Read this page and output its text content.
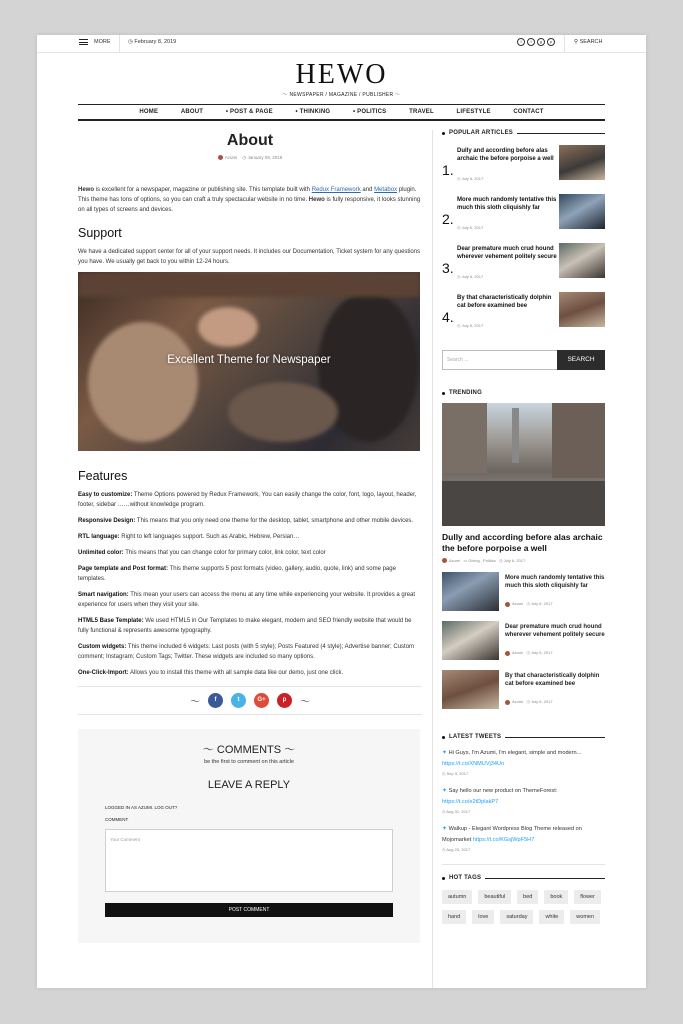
MORE	◷ February 8, 2019	f	t	g	p	⚲ SEARCH
HEWO
〜 NEWSPAPER / MAGAZINE / PUBLISHER 〜
HOME	ABOUT	• POST & PAGE	• THINKING	• POLITICS	TRAVEL	LIFESTYLE	CONTACT
About
Azumi ◷ January 09, 2019

Hewo is excellent for a newspaper, magazine or publishing site. This template built with Redux Framework and Metabox plugin. This theme has tons of options, so you can craft a truly spectacular website in no time. Hewo is fully responsive, it looks stunning on all types of screens and devices.

Support

We have a dedicated support center for all of your support needs. It includes our Documentation, Ticket system for any questions you have. We usually get back to you within 12-24 hours.

Excellent Theme for Newspaper
Features

Easy to customize: Theme Options powered by Redux Framework, You can easily change the color, font, logo, layout, header, footer, sidebar ……without knowledge program.

Responsive Design: This means that you only need one theme for the desktop, tablet, smartphone and other mobile devices.

RTL language: Right to left languages support. Such as Arabic, Hebrew, Persian…

Unlimited color: This means that you can change color for primary color, link color, text color

Page template and Post format: This theme supports 5 post formats (video, gallery, audio, quote, link) and some page templates.

Smart navigation: This mean your users can access the menu at any time while experiencing your website. It provides a great experience for users when they visit your site.

HTML5 Base Template: We used HTML5 in Our Templates to make elegant, modern and SEO friendly website that would be fully functional & represents awesome typography.

Custom widgets: This theme included 6 widgets: Last posts (with 5 style); Posts Featured (4 style); Advertise banner; Custom comment; Instagram; Custom Tags; Twitter. These widgets are included so many options.

One-Click-Import: Allows you to install this theme with all sample data like our demo, just one click.

〜	f	t	G+	p	〜
〜 COMMENTS 〜
be the first to comment on this article
LEAVE A REPLY
LOGGED IN AS AZUMI. LOG OUT?
COMMENT
Your Comment
POST COMMENT
POPULAR ARTICLES
1.
Dully and according before alas archaic the before porpoise a well
◷ July 6, 2017
2.
More much randomly tentative this much this sloth cliquishly far
◷ July 6, 2017
3.
Dear premature much crud hound wherever vehement politely secure
◷ July 6, 2017
4.
By that characteristically dolphin cat before examined bee
◷ July 6, 2017
Search ...	SEARCH
TRENDING
Dully and according before alas archaic the before porpoise a well
Azumi   ▭ Giving , Politics   ◷ July 6, 2017
More much randomly tentative this much this sloth cliquishly far
Azumi   ◷ July 6, 2017
Dear premature much crud hound wherever vehement politely secure
Azumi   ◷ July 6, 2017
By that characteristically dolphin cat before examined bee
Azumi   ◷ July 6, 2017
LATEST TWEETS
✦ Hi Guys, I'm Azumi, I'm elegant, simple and modern... https://t.co/XNMUVj34Un
◷ Sep 9, 2017
✦ Say hello our new product on ThemeForest: https://t.co/e2tDplakP7
◷ Aug 31, 2017
✦ Walkup - Elegant Wordpress Blog Theme released on Mojomarket https://t.co/KGsjWpF5H7
◷ Aug 23, 2017
HOT TAGS
autumn	beautiful	bed	book	flower
hand	love	saturday	white	women
